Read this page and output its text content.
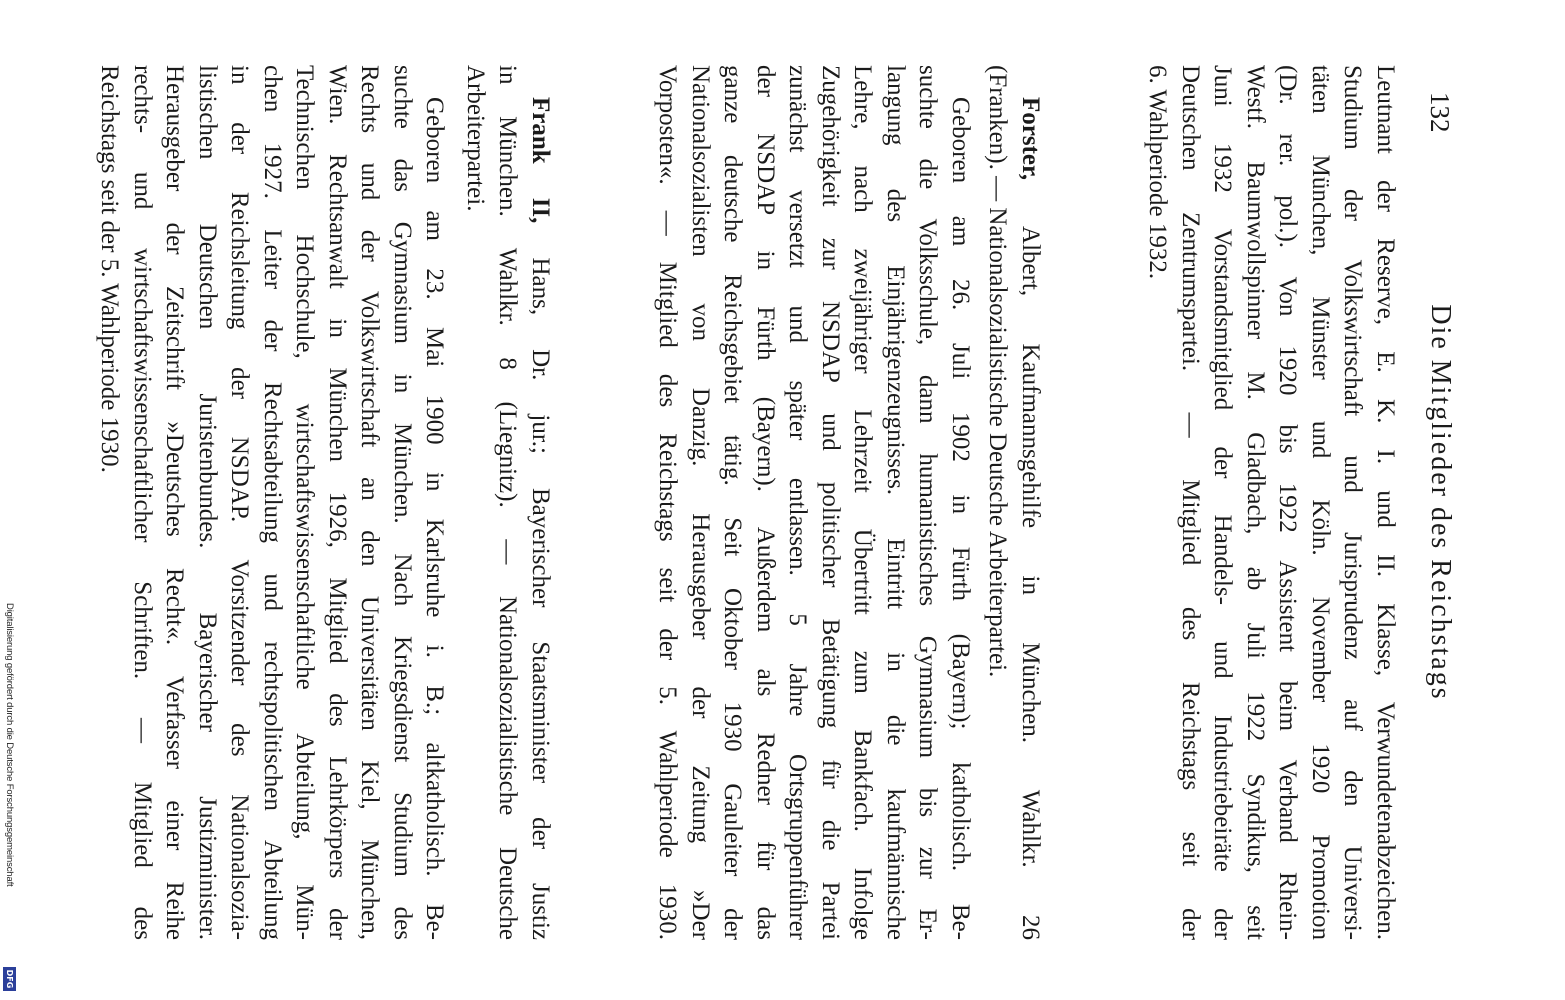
132
Die Mitglieder des Reichstags
Leutnant der Reserve, E. K. I. und II. Klasse, Verwundetenabzeichen.
Studium der Volkswirtschaft und Jurisprudenz auf den Universi-
täten München, Münster und Köln. November 1920 Promotion
(Dr. rer. pol.). Von 1920 bis 1922 Assistent beim Verband Rhein-
Westf. Baumwollspinner M. Gladbach, ab Juli 1922 Syndikus, seit
Juni 1932 Vorstandsmitglied der Handels- und Industriebeiräte der
Deutschen Zentrumspartei. — Mitglied des Reichstags seit der
6. Wahlperiode 1932.
Forster, Albert, Kaufmannsgehilfe in München. Wahlkr. 26
(Franken). — Nationalsozialistische Deutsche Arbeiterpartei.
Geboren am 26. Juli 1902 in Fürth (Bayern); katholisch. Be-
suchte die Volksschule, dann humanistisches Gymnasium bis zur Er-
langung des Einjährigenzeugnisses. Eintritt in die kaufmännische
Lehre, nach zweijähriger Lehrzeit Übertritt zum Bankfach. Infolge
Zugehörigkeit zur NSDAP und politischer Betätigung für die Partei
zunächst versetzt und später entlassen. 5 Jahre Ortsgruppenführer
der NSDAP in Fürth (Bayern). Außerdem als Redner für das
ganze deutsche Reichsgebiet tätig. Seit Oktober 1930 Gauleiter der
Nationalsozialisten von Danzig. Herausgeber der Zeitung »Der
Vorposten«. — Mitglied des Reichstags seit der 5. Wahlperiode 1930.
Frank II, Hans, Dr. jur.; Bayerischer Staatsminister der Justiz
in München. Wahlkr. 8 (Liegnitz). — Nationalsozialistische Deutsche
Arbeiterpartei.
Geboren am 23. Mai 1900 in Karlsruhe i. B.; altkatholisch. Be-
suchte das Gymnasium in München. Nach Kriegsdienst Studium des
Rechts und der Volkswirtschaft an den Universitäten Kiel, München,
Wien. Rechtsanwalt in München 1926, Mitglied des Lehrkörpers der
Technischen Hochschule, wirtschaftswissenschaftliche Abteilung, Mün-
chen 1927. Leiter der Rechtsabteilung und rechtspolitischen Abteilung
in der Reichsleitung der NSDAP. Vorsitzender des Nationalsozia-
listischen Deutschen Juristenbundes. Bayerischer Justizminister.
Herausgeber der Zeitschrift »Deutsches Recht«. Verfasser einer Reihe
rechts- und wirtschaftswissenschaftlicher Schriften. — Mitglied des
Reichstags seit der 5. Wahlperiode 1930.
Digitalisierung gefördert durch die Deutsche Forschungsgemeinschaft
DFG
